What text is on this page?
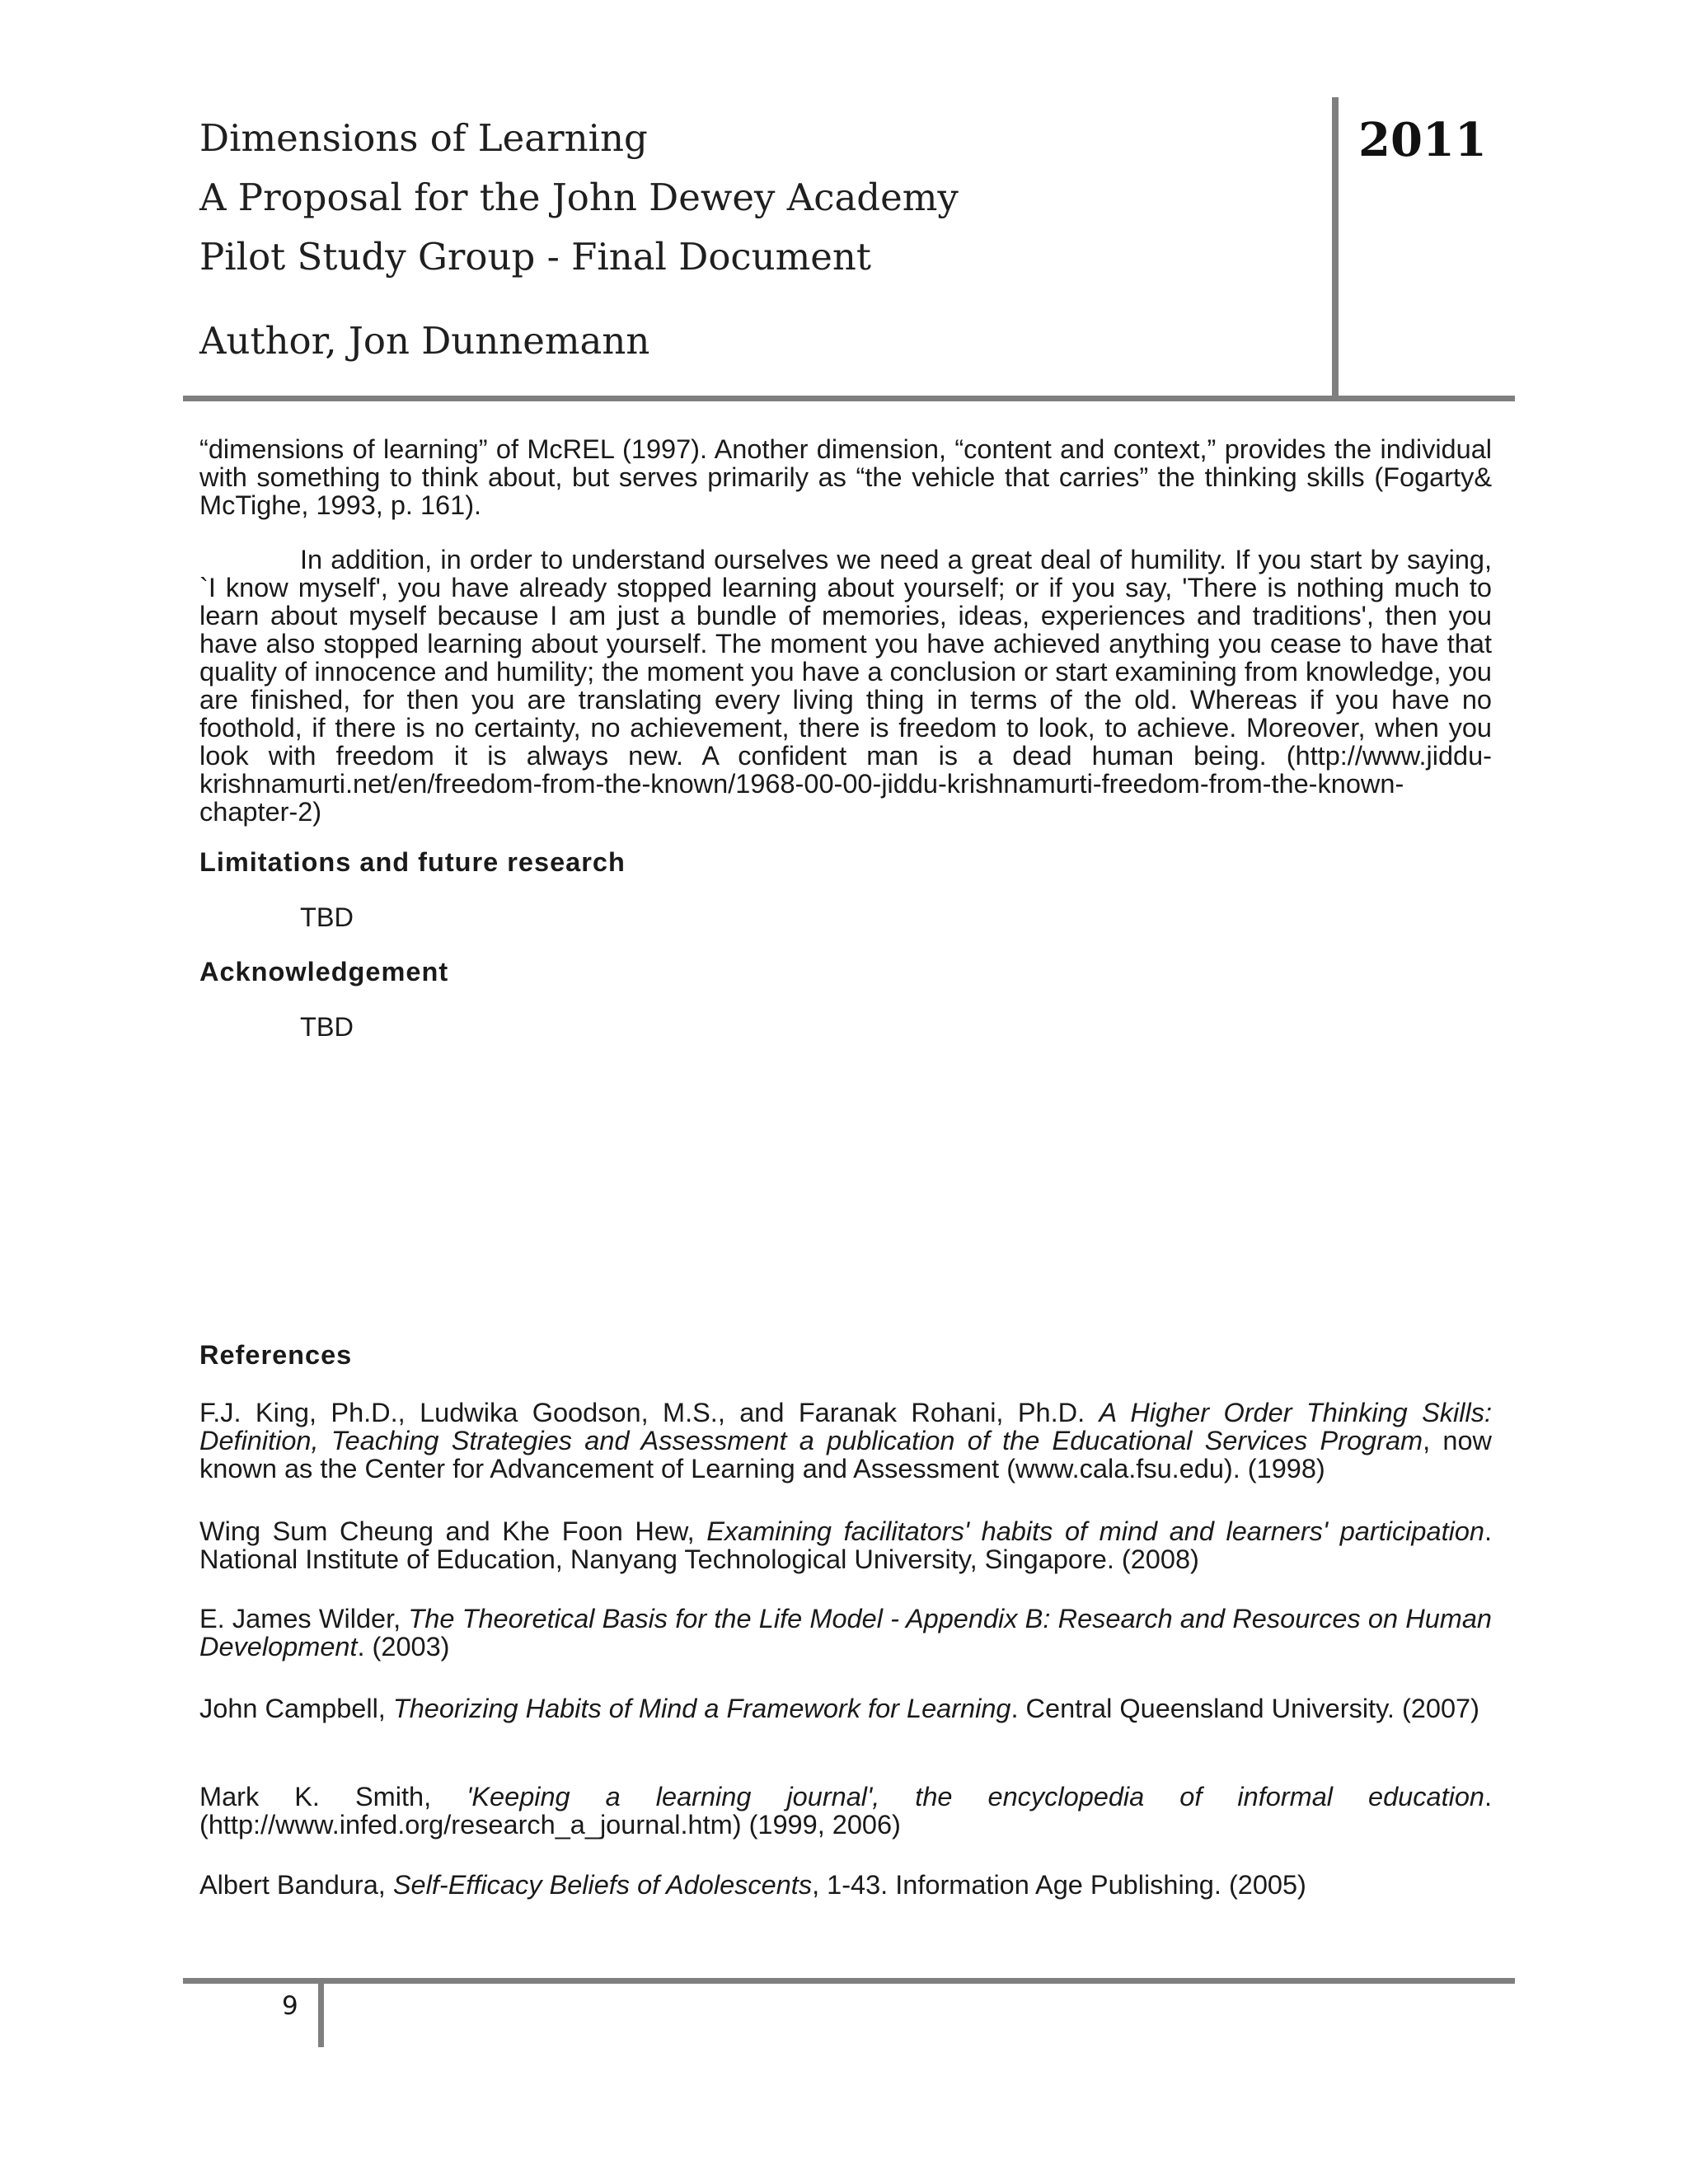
Dimensions of Learning
A Proposal for the John Dewey Academy
Pilot Study Group - Final Document
Author, Jon Dunnemann
2011

“dimensions of learning” of McREL (1997). Another dimension, “content and context,” provides the individual with something to think about, but serves primarily as “the vehicle that carries” the thinking skills (Fogarty& McTighe, 1993, p. 161).

In addition, in order to understand ourselves we need a great deal of humility. If you start by saying, `I know myself', you have already stopped learning about yourself; or if you say, 'There is nothing much to learn about myself because I am just a bundle of memories, ideas, experiences and traditions', then you have also stopped learning about yourself. The moment you have achieved anything you cease to have that quality of innocence and humility; the moment you have a conclusion or start examining from knowledge, you are finished, for then you are translating every living thing in terms of the old. Whereas if you have no foothold, if there is no certainty, no achievement, there is freedom to look, to achieve. Moreover, when you look with freedom it is always new. A confident man is a dead human being. (http://www.jiddu-krishnamurti.net/en/freedom-from-the-known/1968-00-00-jiddu-krishnamurti-freedom-from-the-known-chapter-2)

Limitations and future research

TBD

Acknowledgement

TBD

References

F.J. King, Ph.D., Ludwika Goodson, M.S., and Faranak Rohani, Ph.D. A Higher Order Thinking Skills: Definition, Teaching Strategies and Assessment a publication of the Educational Services Program, now known as the Center for Advancement of Learning and Assessment (www.cala.fsu.edu). (1998)

Wing Sum Cheung and Khe Foon Hew, Examining facilitators' habits of mind and learners' participation. National Institute of Education, Nanyang Technological University, Singapore. (2008)

E. James Wilder, The Theoretical Basis for the Life Model - Appendix B: Research and Resources on Human Development. (2003)

John Campbell, Theorizing Habits of Mind a Framework for Learning. Central Queensland University. (2007)

Mark K. Smith, 'Keeping a learning journal', the encyclopedia of informal education. (http://www.infed.org/research_a_journal.htm) (1999, 2006)

Albert Bandura, Self-Efficacy Beliefs of Adolescents, 1-43. Information Age Publishing. (2005)

9
